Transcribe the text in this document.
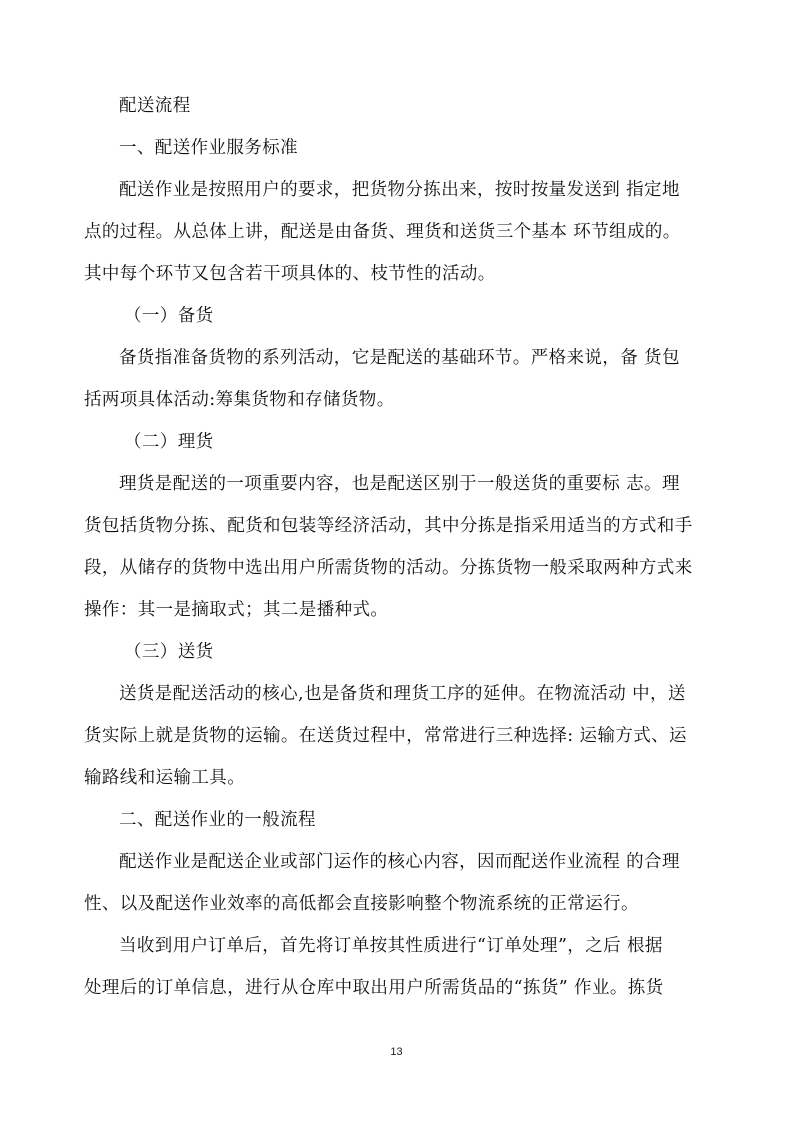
配送流程
一、配送作业服务标准
配送作业是按照用户的要求，把货物分拣出来，按时按量发送到 指定地
点的过程。从总体上讲，配送是由备货、理货和送货三个基本 环节组成的。
其中每个环节又包含若干项具体的、枝节性的活动。
（一）备货
备货指准备货物的系列活动，它是配送的基础环节。严格来说，备 货包
括两项具体活动:筹集货物和存储货物。
（二）理货
理货是配送的一项重要内容，也是配送区别于一般送货的重要标 志。理
货包括货物分拣、配货和包装等经济活动，其中分拣是指采用适当的方式和手
段，从储存的货物中选出用户所需货物的活动。分拣货物一般采取两种方式来
操作：其一是摘取式；其二是播种式。
（三）送货
送货是配送活动的核心,也是备货和理货工序的延伸。在物流活动 中，送
货实际上就是货物的运输。在送货过程中，常常进行三种选择: 运输方式、运
输路线和运输工具。
二、配送作业的一般流程
配送作业是配送企业或部门运作的核心内容，因而配送作业流程 的合理
性、以及配送作业效率的高低都会直接影响整个物流系统的正常运行。
当收到用户订单后，首先将订单按其性质进行“订单处理”，之后 根据
处理后的订单信息，进行从仓库中取出用户所需货品的“拣货” 作业。拣货
13
